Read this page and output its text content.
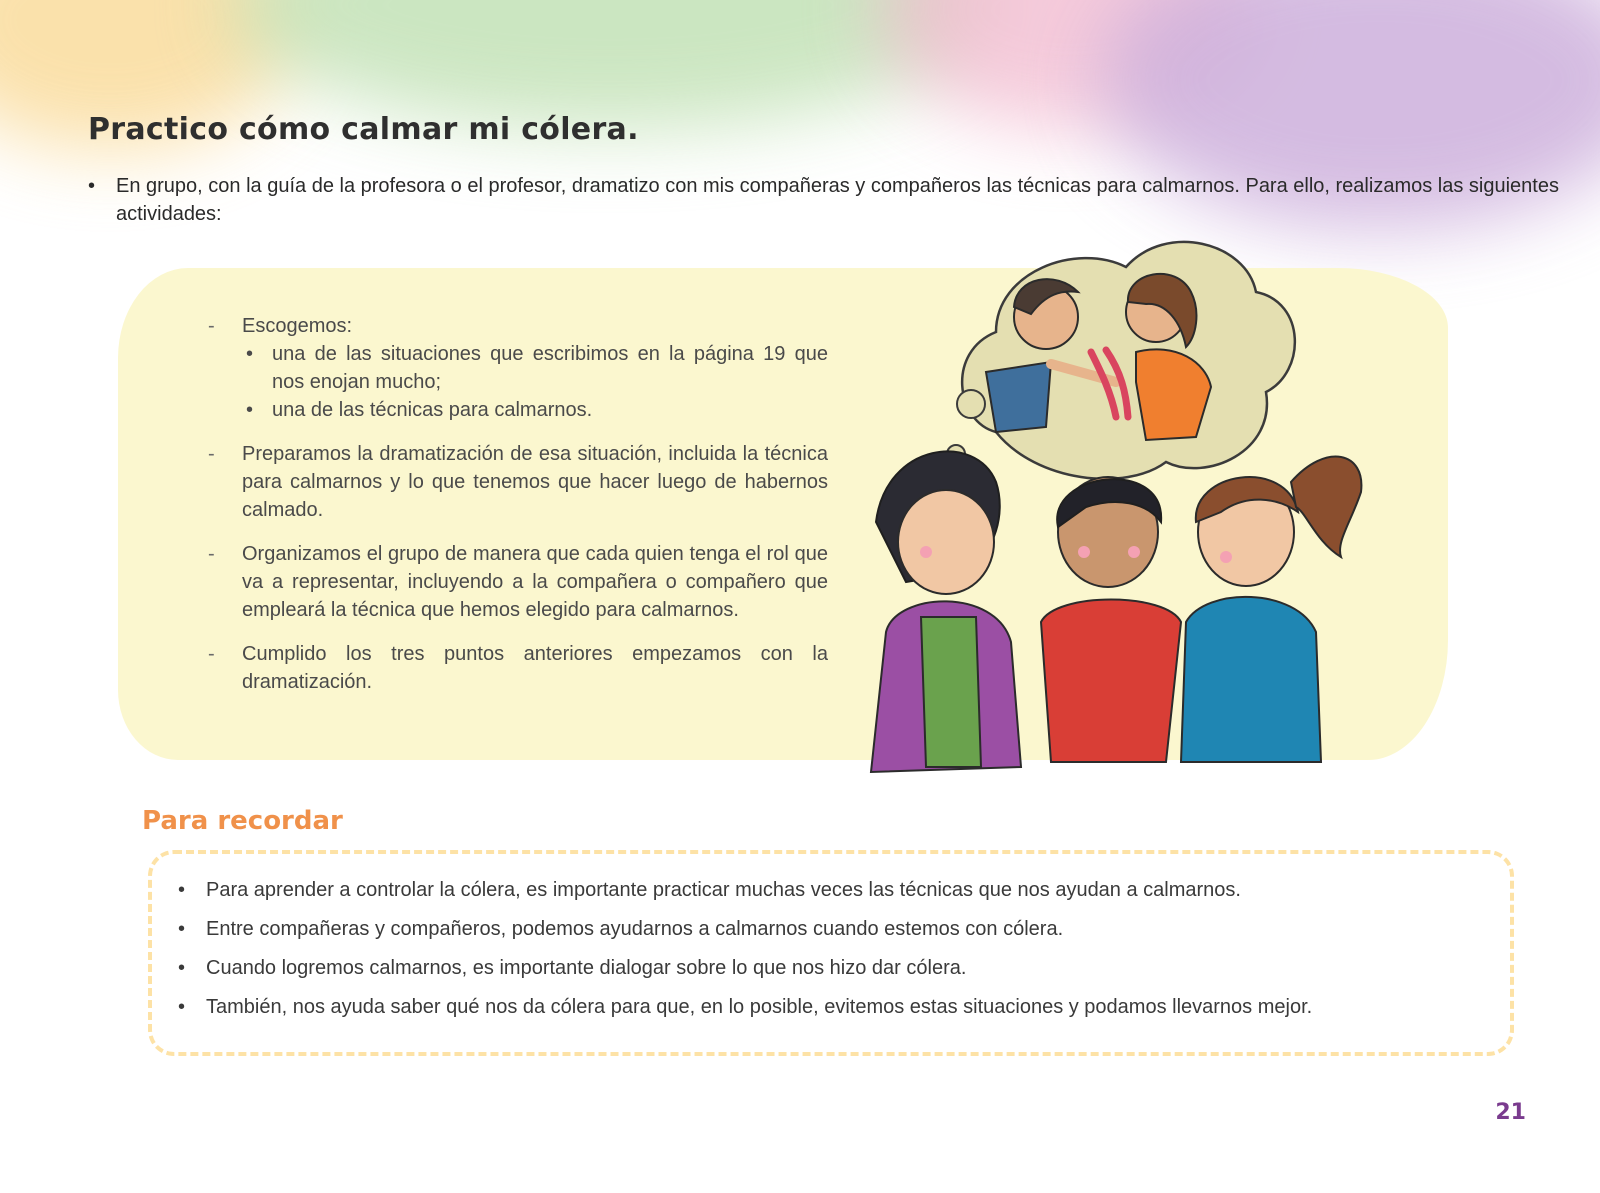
Practico cómo calmar mi cólera.

• En grupo, con la guía de la profesora o el profesor, dramatizo con mis compañeras y compañeros las técnicas para calmarnos. Para ello, realizamos las siguientes actividades:

- Escogemos:
• una de las situaciones que escribimos en la página 19 que nos enojan mucho;
• una de las técnicas para calmarnos.
- Preparamos la dramatización de esa situación, incluida la técnica para calmarnos y lo que tenemos que hacer luego de habernos calmado.
- Organizamos el grupo de manera que cada quien tenga el rol que va a representar, incluyendo a la compañera o compañero que empleará la técnica que hemos elegido para calmarnos.
- Cumplido los tres puntos anteriores empezamos con la dramatización.
Para recordar
• Para aprender a controlar la cólera, es importante practicar muchas veces las técnicas que nos ayudan a calmarnos.
• Entre compañeras y compañeros, podemos ayudarnos a calmarnos cuando estemos con cólera.
• Cuando logremos calmarnos, es importante dialogar sobre lo que nos hizo dar cólera.
• También, nos ayuda saber qué nos da cólera para que, en lo posible, evitemos estas situaciones y podamos llevarnos mejor.
21
